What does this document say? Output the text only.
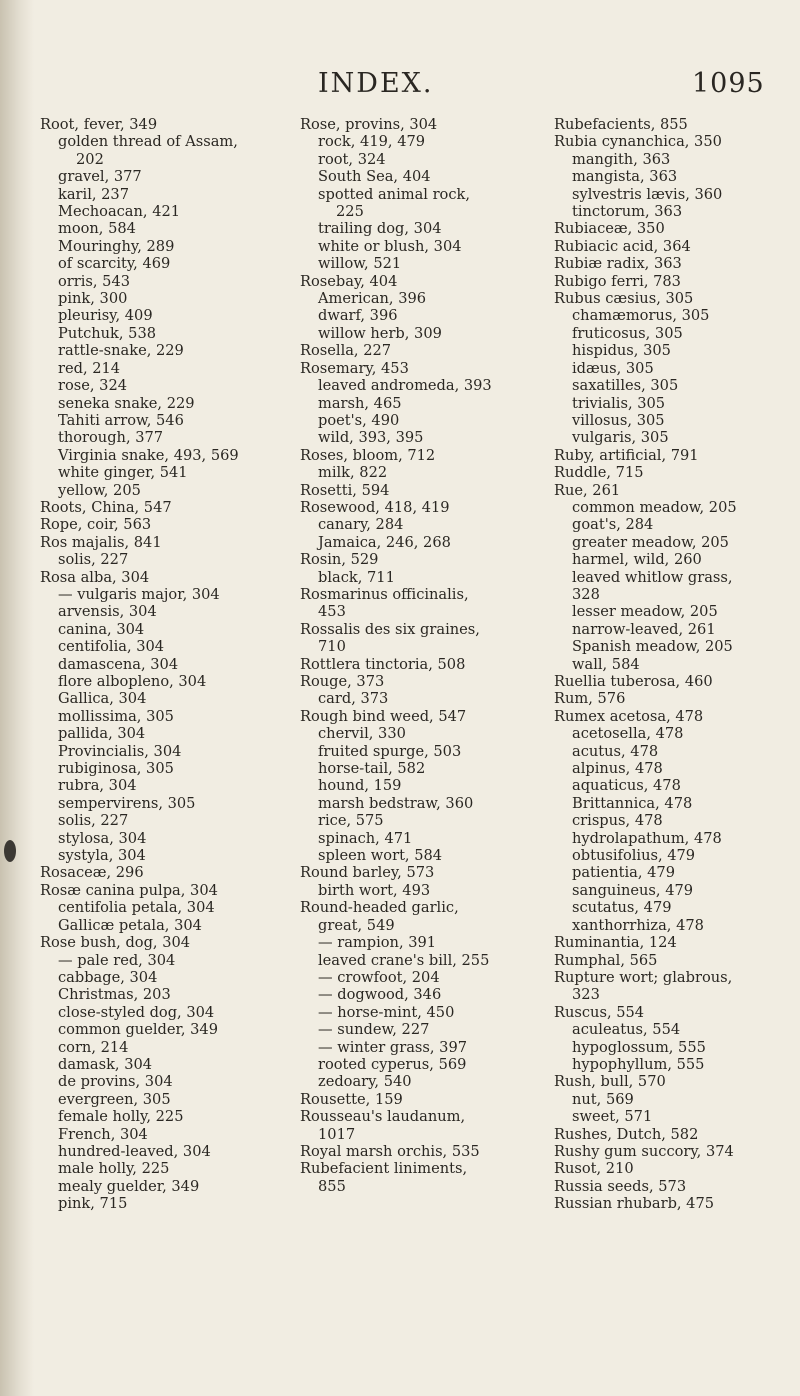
INDEX.	1095
Root, fever, 349
golden thread of Assam,
202
gravel, 377
karil, 237
Mechoacan, 421
moon, 584
Mouringhy, 289
of scarcity, 469
orris, 543
pink, 300
pleurisy, 409
Putchuk, 538
rattle-snake, 229
red, 214
rose, 324
seneka snake, 229
Tahiti arrow, 546
thorough, 377
Virginia snake, 493, 569
white ginger, 541
yellow, 205
Roots, China, 547
Rope, coir, 563
Ros majalis, 841
solis, 227
Rosa alba, 304
— vulgaris major, 304
arvensis, 304
canina, 304
centifolia, 304
damascena, 304
flore albopleno, 304
Gallica, 304
mollissima, 305
pallida, 304
Provincialis, 304
rubiginosa, 305
rubra, 304
sempervirens, 305
solis, 227
stylosa, 304
systyla, 304
Rosaceæ, 296
Rosæ canina pulpa, 304
centifolia petala, 304
Gallicæ petala, 304
Rose bush, dog, 304
— pale red, 304
cabbage, 304
Christmas, 203
close-styled dog, 304
common guelder, 349
corn, 214
damask, 304
de provins, 304
evergreen, 305
female holly, 225
French, 304
hundred-leaved, 304
male holly, 225
mealy guelder, 349
pink, 715
Rose, provins, 304
rock, 419, 479
root, 324
South Sea, 404
spotted animal rock,
225
trailing dog, 304
white or blush, 304
willow, 521
Rosebay, 404
American, 396
dwarf, 396
willow herb, 309
Rosella, 227
Rosemary, 453
leaved andromeda, 393
marsh, 465
poet's, 490
wild, 393, 395
Roses, bloom, 712
milk, 822
Rosetti, 594
Rosewood, 418, 419
canary, 284
Jamaica, 246, 268
Rosin, 529
black, 711
Rosmarinus officinalis,
453
Rossalis des six graines,
710
Rottlera tinctoria, 508
Rouge, 373
card, 373
Rough bind weed, 547
chervil, 330
fruited spurge, 503
horse-tail, 582
hound, 159
marsh bedstraw, 360
rice, 575
spinach, 471
spleen wort, 584
Round barley, 573
birth wort, 493
Round-headed garlic,
great, 549
— rampion, 391
leaved crane's bill, 255
— crowfoot, 204
— dogwood, 346
— horse-mint, 450
— sundew, 227
— winter grass, 397
rooted cyperus, 569
zedoary, 540
Rousette, 159
Rousseau's laudanum,
1017
Royal marsh orchis, 535
Rubefacient liniments,
855
Rubefacients, 855
Rubia cynanchica, 350
mangith, 363
mangista, 363
sylvestris lævis, 360
tinctorum, 363
Rubiaceæ, 350
Rubiacic acid, 364
Rubiæ radix, 363
Rubigo ferri, 783
Rubus cæsius, 305
chamæmorus, 305
fruticosus, 305
hispidus, 305
idæus, 305
saxatilles, 305
trivialis, 305
villosus, 305
vulgaris, 305
Ruby, artificial, 791
Ruddle, 715
Rue, 261
common meadow, 205
goat's, 284
greater meadow, 205
harmel, wild, 260
leaved whitlow grass,
328
lesser meadow, 205
narrow-leaved, 261
Spanish meadow, 205
wall, 584
Ruellia tuberosa, 460
Rum, 576
Rumex acetosa, 478
acetosella, 478
acutus, 478
alpinus, 478
aquaticus, 478
Brittannica, 478
crispus, 478
hydrolapathum, 478
obtusifolius, 479
patientia, 479
sanguineus, 479
scutatus, 479
xanthorrhiza, 478
Ruminantia, 124
Rumphal, 565
Rupture wort; glabrous,
323
Ruscus, 554
aculeatus, 554
hypoglossum, 555
hypophyllum, 555
Rush, bull, 570
nut, 569
sweet, 571
Rushes, Dutch, 582
Rushy gum succory, 374
Rusot, 210
Russia seeds, 573
Russian rhubarb, 475
